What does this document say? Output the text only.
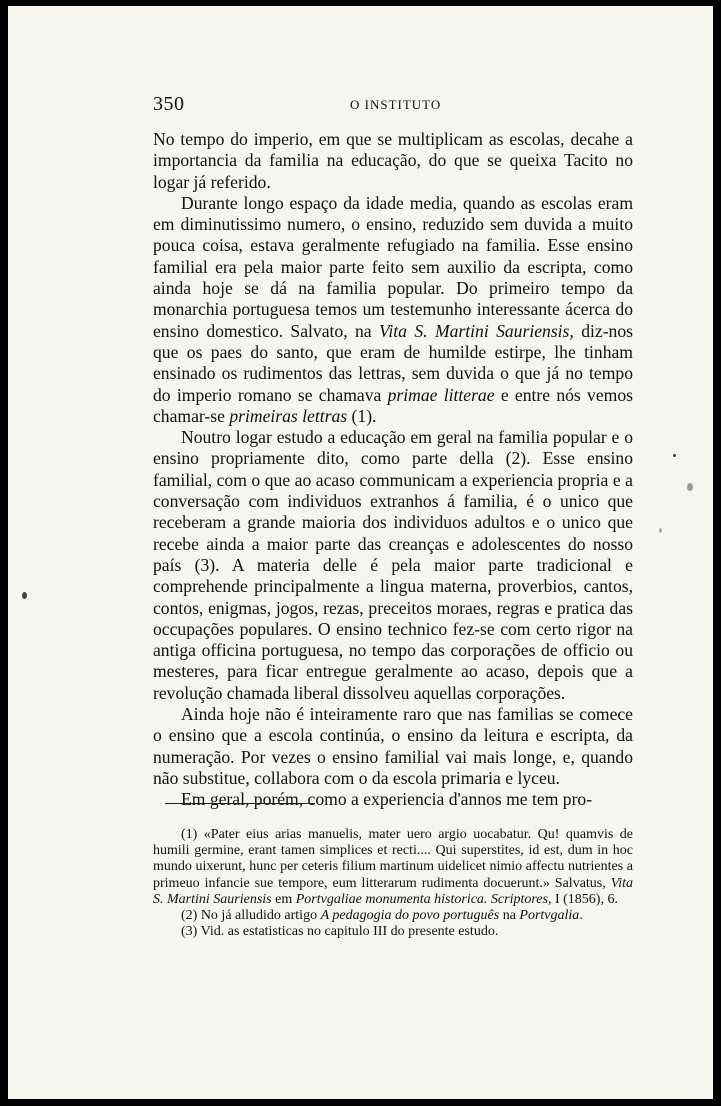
350	O INSTITUTO

No tempo do imperio, em que se multiplicam as escolas, decahe a importancia da familia na educação, do que se queixa Tacito no logar já referido.

Durante longo espaço da idade media, quando as escolas eram em diminutissimo numero, o ensino, reduzido sem duvida a muito pouca coisa, estava geralmente refugiado na familia. Esse ensino familial era pela maior parte feito sem auxilio da escripta, como ainda hoje se dá na familia popular. Do primeiro tempo da monarchia portuguesa temos um testemunho interessante ácerca do ensino domestico. Salvato, na Vita S. Martini Sauriensis, diz-nos que os paes do santo, que eram de humilde estirpe, lhe tinham ensinado os rudimentos das lettras, sem duvida o que já no tempo do imperio romano se chamava primae litterae e entre nós vemos chamar-se primeiras lettras (1).

Noutro logar estudo a educação em geral na familia popular e o ensino propriamente dito, como parte della (2). Esse ensino familial, com o que ao acaso communicam a experiencia propria e a conversação com individuos extranhos á familia, é o unico que receberam a grande maioria dos individuos adultos e o unico que recebe ainda a maior parte das creanças e adolescentes do nosso país (3). A materia delle é pela maior parte tradicional e comprehende principalmente a lingua materna, proverbios, cantos, contos, enigmas, jogos, rezas, preceitos moraes, regras e pratica das occupações populares. O ensino technico fez-se com certo rigor na antiga officina portuguesa, no tempo das corporações de officio ou mesteres, para ficar entregue geralmente ao acaso, depois que a revolução chamada liberal dissolveu aquellas corporações.

Ainda hoje não é inteiramente raro que nas familias se comece o ensino que a escola continúa, o ensino da leitura e escripta, da numeração. Por vezes o ensino familial vai mais longe, e, quando não substitue, collabora com o da escola primaria e lyceu.

Em geral, porém, como a experiencia d'annos me tem pro-

(1) «Pater eius arias manuelis, mater uero argio uocabatur. Qu! quamvis de humili germine, erant tamen simplices et recti.... Qui superstites, id est, dum in hoc mundo uixerunt, hunc per ceteris filium martinum uidelicet nimio affectu nutrientes a primeuo infancie sue tempore, eum litterarum rudimenta docuerunt.» Salvatus, Vita S. Martini Sauriensis em Portvgaliae monumenta historica. Scriptores, I (1856), 6.

(2) No já alludido artigo A pedagogia do povo português na Portvgalia.

(3) Vid. as estatisticas no capitulo III do presente estudo.
